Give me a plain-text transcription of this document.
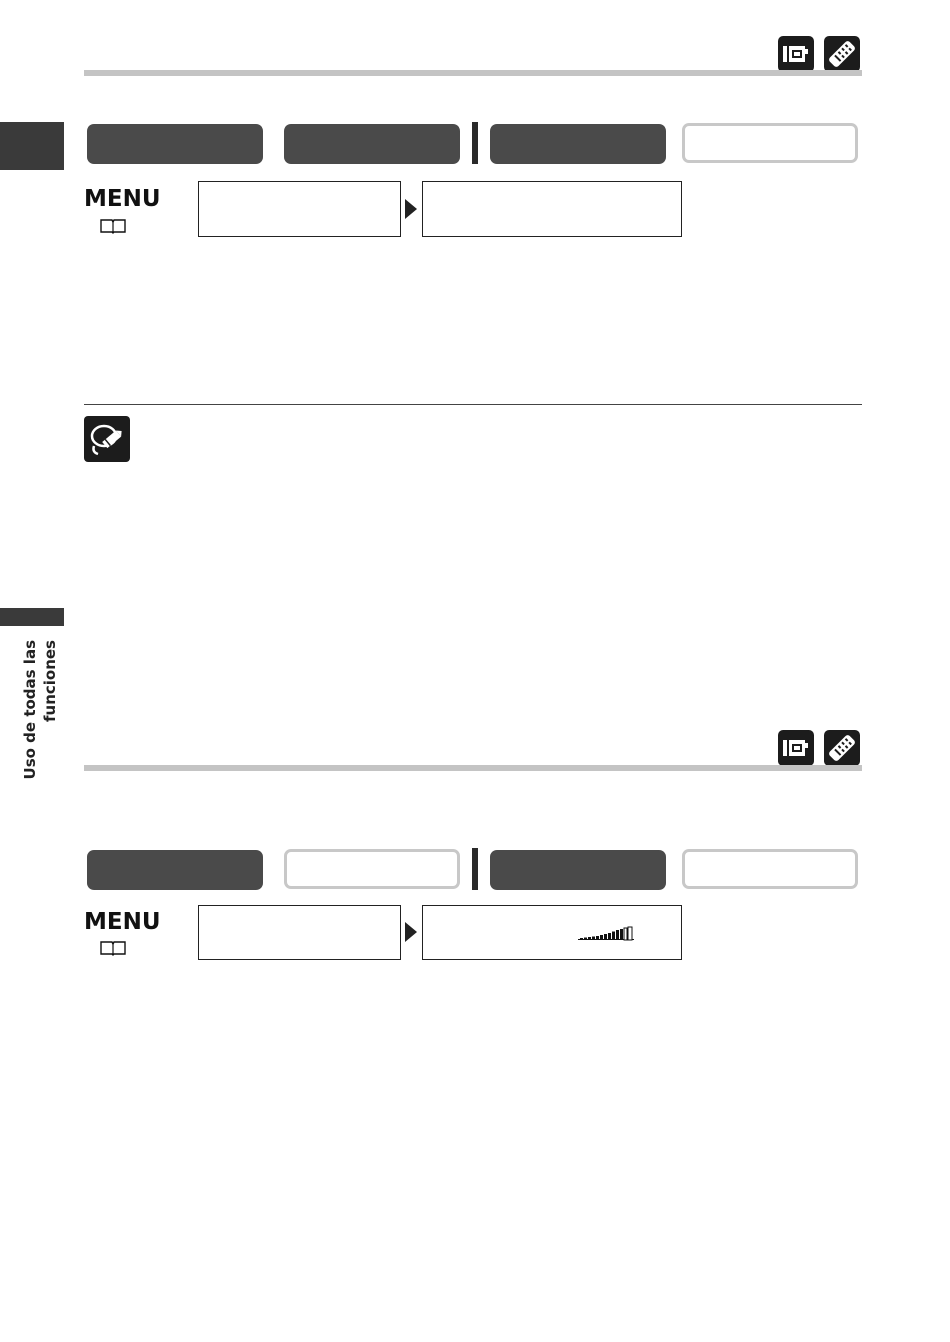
Uso de todas las funciones
MENU
MENU
